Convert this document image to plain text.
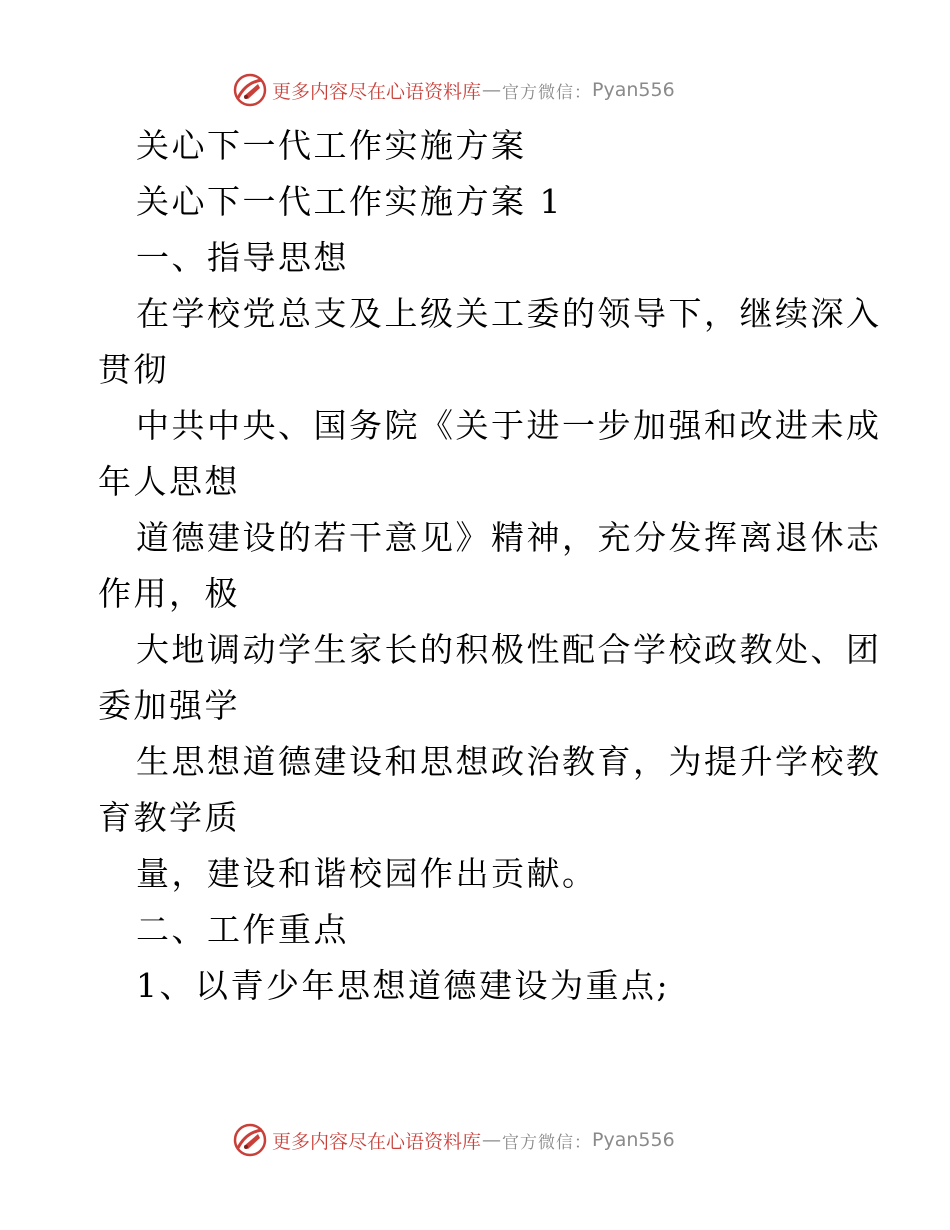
更多内容尽在心语资料库 — 官方微信： Pyan556
关心下一代工作实施方案
关心下一代工作实施方案 1
一、指导思想
在学校党总支及上级关工委的领导下，继续深入
贯彻
中共中央、国务院《关于进一步加强和改进未成
年人思想
道德建设的若干意见》精神，充分发挥离退休志
作用，极
大地调动学生家长的积极性配合学校政教处、团
委加强学
生思想道德建设和思想政治教育，为提升学校教
育教学质
量，建设和谐校园作出贡献。
二、工作重点
1、以青少年思想道德建设为重点;
更多内容尽在心语资料库 — 官方微信： Pyan556
